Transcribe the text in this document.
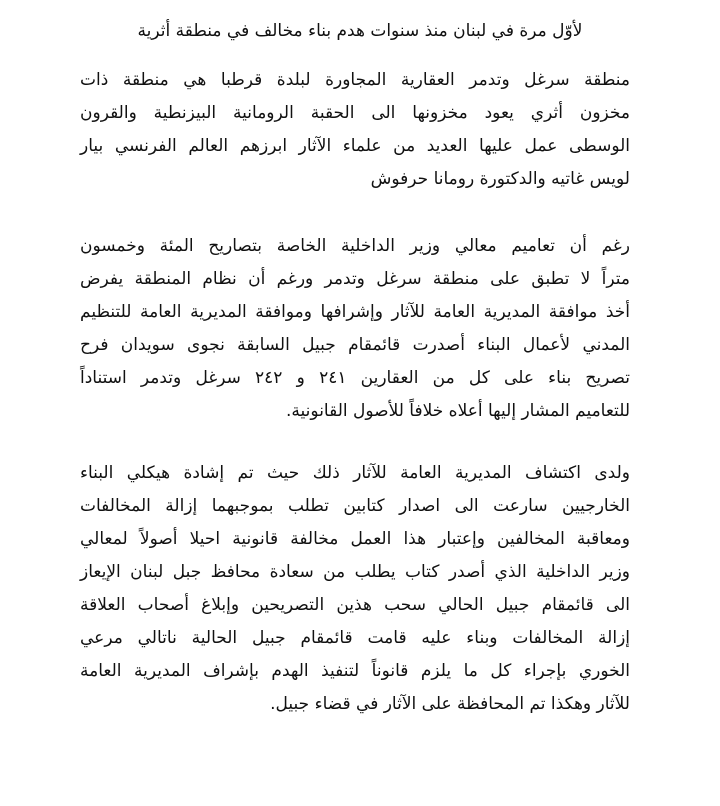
لأوّل مرة في لبنان منذ سنوات هدم بناء مخالف في منطقة أثرية

منطقة سرغل وتدمر العقارية المجاورة لبلدة قرطبا هي منطقة ذات
مخزون أثري يعود مخزونها الى الحقبة الرومانية البيزنطية والقرون
الوسطى عمل عليها العديد من علماء الآثار ابرزهم العالم الفرنسي بيار
لويس غاتيه والدكتورة رومانا حرفوش

رغم أن تعاميم معالي وزير الداخلية الخاصة بتصاريح المئة وخمسون
متراً لا تطبق على منطقة سرغل وتدمر ورغم أن نظام المنطقة يفرض
أخذ موافقة المديرية العامة للآثار وإشرافها وموافقة المديرية العامة للتنظيم
المدني لأعمال البناء أصدرت قائمقام جبيل السابقة نجوى سويدان فرح
تصريح بناء على كل من العقارين ٢٤١ و ٢٤٢ سرغل وتدمر استناداً
للتعاميم المشار إليها أعلاه خلافاً للأصول القانونية.

ولدى اكتشاف المديرية العامة للآثار ذلك حيث تم إشادة هيكلي البناء
الخارجيين سارعت الى اصدار كتابين تطلب بموجبهما إزالة المخالفات
ومعاقبة المخالفين وإعتبار هذا العمل مخالفة قانونية احيلا أصولاً لمعالي
وزير الداخلية الذي أصدر كتاب يطلب من سعادة محافظ جبل لبنان الإيعاز
الى قائمقام جبيل الحالي سحب هذين التصريحين وإبلاغ أصحاب العلاقة
إزالة المخالفات وبناء عليه قامت قائمقام جبيل الحالية ناتالي مرعي
الخوري بإجراء كل ما يلزم قانوناً لتنفيذ الهدم بإشراف المديرية العامة
للآثار وهكذا تم المحافظة على الآثار في قضاء جبيل.
